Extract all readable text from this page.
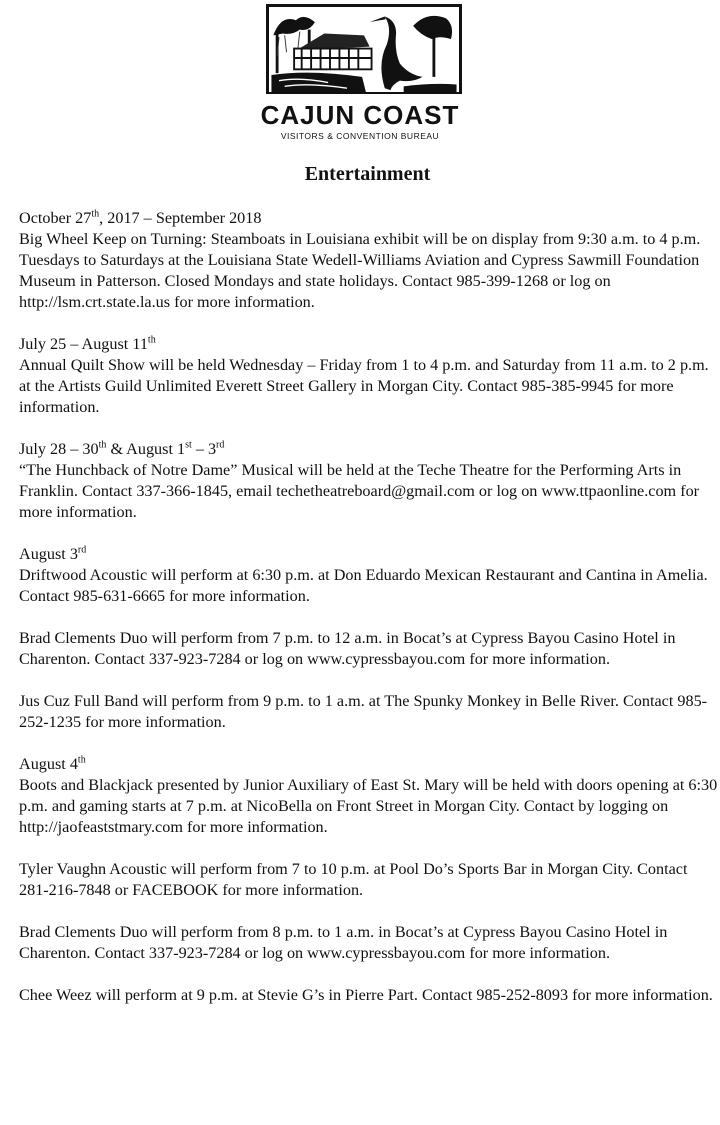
CAJUN COAST
VISITORS & CONVENTION BUREAU
Entertainment
October 27th, 2017 – September 2018

Big Wheel Keep on Turning: Steamboats in Louisiana exhibit will be on display from 9:30 a.m. to 4 p.m. Tuesdays to Saturdays at the Louisiana State Wedell-Williams Aviation and Cypress Sawmill Foundation Museum in Patterson. Closed Mondays and state holidays. Contact 985-399-1268 or log on http://lsm.crt.state.la.us for more information.

July 25 – August 11th

Annual Quilt Show will be held Wednesday – Friday from 1 to 4 p.m. and Saturday from 11 a.m. to 2 p.m. at the Artists Guild Unlimited Everett Street Gallery in Morgan City. Contact 985-385-9945 for more information.

July 28 – 30th & August 1st – 3rd

“The Hunchback of Notre Dame” Musical will be held at the Teche Theatre for the Performing Arts in Franklin. Contact 337-366-1845, email techetheatreboard@gmail.com or log on www.ttpaonline.com for more information.

August 3rd

Driftwood Acoustic will perform at 6:30 p.m. at Don Eduardo Mexican Restaurant and Cantina in Amelia. Contact 985-631-6665 for more information.

Brad Clements Duo will perform from 7 p.m. to 12 a.m. in Bocat’s at Cypress Bayou Casino Hotel in Charenton. Contact 337-923-7284 or log on www.cypressbayou.com for more information.

Jus Cuz Full Band will perform from 9 p.m. to 1 a.m. at The Spunky Monkey in Belle River. Contact 985-252-1235 for more information.

August 4th

Boots and Blackjack presented by Junior Auxiliary of East St. Mary will be held with doors opening at 6:30 p.m. and gaming starts at 7 p.m. at NicoBella on Front Street in Morgan City. Contact by logging on http://jaofeaststmary.com for more information.

Tyler Vaughn Acoustic will perform from 7 to 10 p.m. at Pool Do’s Sports Bar in Morgan City. Contact 281-216-7848 or FACEBOOK for more information.

Brad Clements Duo will perform from 8 p.m. to 1 a.m. in Bocat’s at Cypress Bayou Casino Hotel in Charenton. Contact 337-923-7284 or log on www.cypressbayou.com for more information.

Chee Weez will perform at 9 p.m. at Stevie G’s in Pierre Part. Contact 985-252-8093 for more information.
